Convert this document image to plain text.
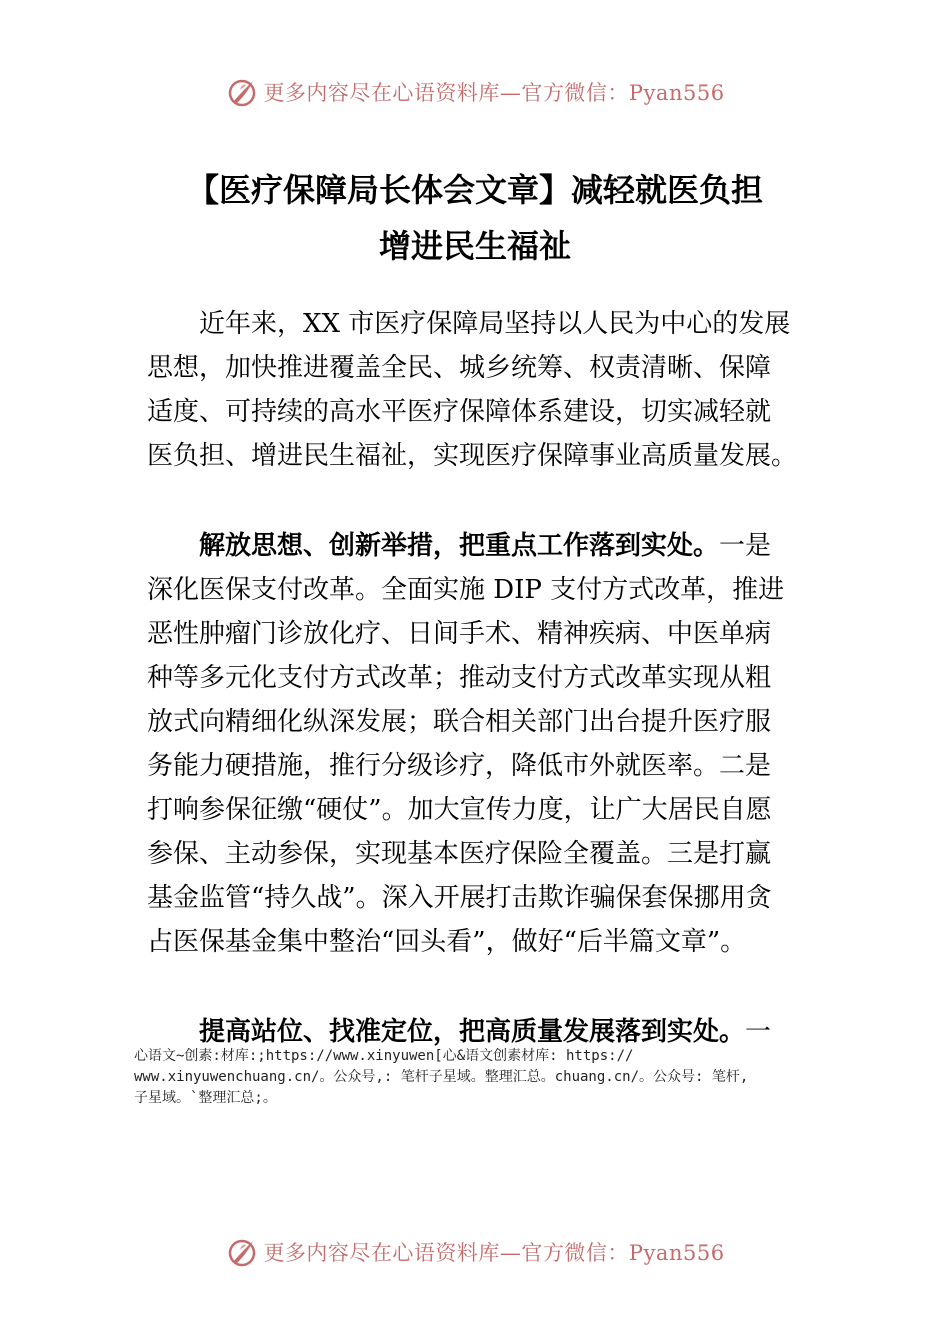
更多内容尽在心语资料库—官方微信：Pyan556
【医疗保障局长体会文章】减轻就医负担
增进民生福祉
　　近年来，XX 市医疗保障局坚持以人民为中心的发展
思想，加快推进覆盖全民、城乡统筹、权责清晰、保障
适度、可持续的高水平医疗保障体系建设，切实减轻就
医负担、增进民生福祉，实现医疗保障事业高质量发展。
　　解放思想、创新举措，把重点工作落到实处。一是
深化医保支付改革。全面实施 DIP 支付方式改革，推进
恶性肿瘤门诊放化疗、日间手术、精神疾病、中医单病
种等多元化支付方式改革；推动支付方式改革实现从粗
放式向精细化纵深发展；联合相关部门出台提升医疗服
务能力硬措施，推行分级诊疗，降低市外就医率。二是
打响参保征缴“硬仗”。加大宣传力度，让广大居民自愿
参保、主动参保，实现基本医疗保险全覆盖。三是打赢
基金监管“持久战”。深入开展打击欺诈骗保套保挪用贪
占医保基金集中整治“回头看”，做好“后半篇文章”。
　　提高站位、找准定位，把高质量发展落到实处。一
心语文~创素:材库:;https://www.xinyuwen[心&语文创素材库: https://
www.xinyuwenchuang.cn/。公众号,: 笔杆子星域。整理汇总。chuang.cn/。公众号: 笔杆,
子星域。`整理汇总;。
更多内容尽在心语资料库—官方微信：Pyan556
